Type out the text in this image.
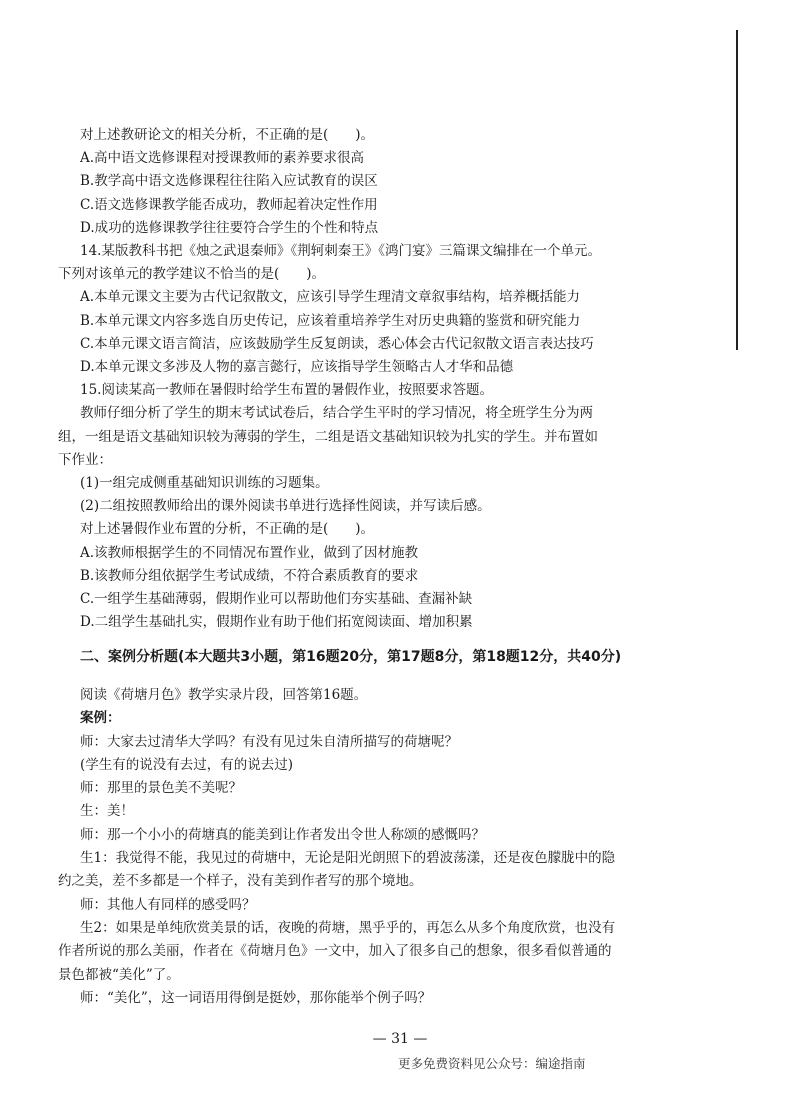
对上述教研论文的相关分析，不正确的是(　　)。
A.高中语文选修课程对授课教师的素养要求很高
B.教学高中语文选修课程往往陷入应试教育的误区
C.语文选修课教学能否成功，教师起着决定性作用
D.成功的选修课教学往往要符合学生的个性和特点
14.某版教科书把《烛之武退秦师》《荆轲刺秦王》《鸿门宴》三篇课文编排在一个单元。
下列对该单元的教学建议不恰当的是(　　)。
A.本单元课文主要为古代记叙散文，应该引导学生理清文章叙事结构，培养概括能力
B.本单元课文内容多选自历史传记，应该着重培养学生对历史典籍的鉴赏和研究能力
C.本单元课文语言简洁，应该鼓励学生反复朗读，悉心体会古代记叙散文语言表达技巧
D.本单元课文多涉及人物的嘉言懿行，应该指导学生领略古人才华和品德
15.阅读某高一教师在暑假时给学生布置的暑假作业，按照要求答题。
教师仔细分析了学生的期末考试试卷后，结合学生平时的学习情况，将全班学生分为两
组，一组是语文基础知识较为薄弱的学生，二组是语文基础知识较为扎实的学生。并布置如
下作业：
(1)一组完成侧重基础知识训练的习题集。
(2)二组按照教师给出的课外阅读书单进行选择性阅读，并写读后感。
对上述暑假作业布置的分析，不正确的是(　　)。
A.该教师根据学生的不同情况布置作业，做到了因材施教
B.该教师分组依据学生考试成绩，不符合素质教育的要求
C.一组学生基础薄弱，假期作业可以帮助他们夯实基础、查漏补缺
D.二组学生基础扎实，假期作业有助于他们拓宽阅读面、增加积累
二、案例分析题(本大题共3小题，第16题20分，第17题8分，第18题12分，共40分)
阅读《荷塘月色》教学实录片段，回答第16题。
案例：
师：大家去过清华大学吗？有没有见过朱自清所描写的荷塘呢？
(学生有的说没有去过，有的说去过)
师：那里的景色美不美呢？
生：美！
师：那一个小小的荷塘真的能美到让作者发出令世人称颂的感慨吗？
生1：我觉得不能，我见过的荷塘中，无论是阳光朗照下的碧波荡漾，还是夜色朦胧中的隐
约之美，差不多都是一个样子，没有美到作者写的那个境地。
师：其他人有同样的感受吗？
生2：如果是单纯欣赏美景的话，夜晚的荷塘，黑乎乎的，再怎么从多个角度欣赏，也没有
作者所说的那么美丽，作者在《荷塘月色》一文中，加入了很多自己的想象，很多看似普通的
景色都被“美化”了。
师：“美化”，这一词语用得倒是挺妙，那你能举个例子吗？
— 31 —
更多免费资料见公众号：编途指南
